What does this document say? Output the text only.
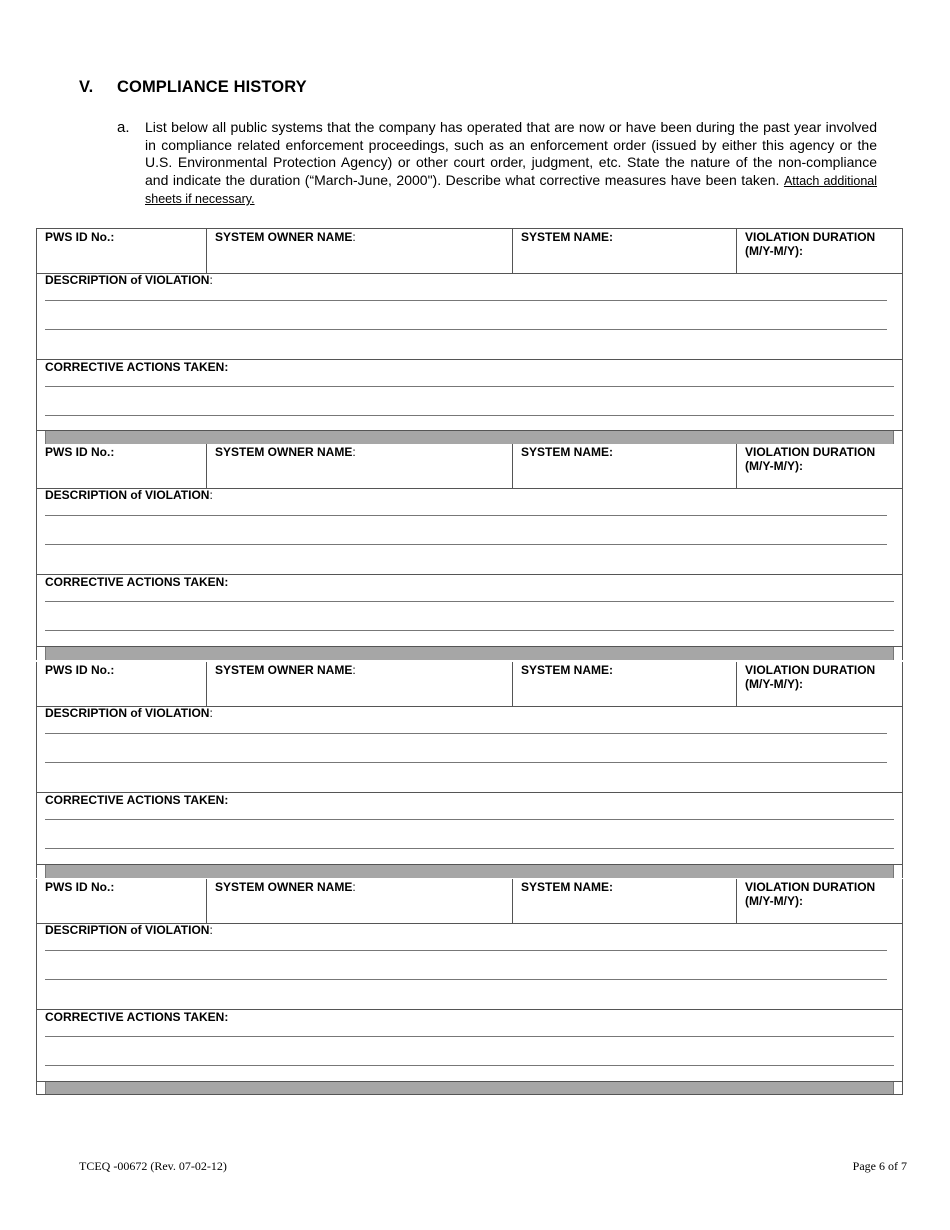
V. COMPLIANCE HISTORY
a. List below all public systems that the company has operated that are now or have been during the past year involved in compliance related enforcement proceedings, such as an enforcement order (issued by either this agency or the U.S. Environmental Protection Agency) or other court order, judgment, etc. State the nature of the non-compliance and indicate the duration (“March-June, 2000"). Describe what corrective measures have been taken. Attach additional sheets if necessary.
PWS ID No.:	SYSTEM OWNER NAME:	SYSTEM NAME:	VIOLATION DURATION (M/Y-M/Y):
DESCRIPTION of VIOLATION:
CORRECTIVE ACTIONS TAKEN:
PWS ID No.:	SYSTEM OWNER NAME:	SYSTEM NAME:	VIOLATION DURATION (M/Y-M/Y):
DESCRIPTION of VIOLATION:
CORRECTIVE ACTIONS TAKEN:
PWS ID No.:	SYSTEM OWNER NAME:	SYSTEM NAME:	VIOLATION DURATION (M/Y-M/Y):
DESCRIPTION of VIOLATION:
CORRECTIVE ACTIONS TAKEN:
PWS ID No.:	SYSTEM OWNER NAME:	SYSTEM NAME:	VIOLATION DURATION (M/Y-M/Y):
DESCRIPTION of VIOLATION:
CORRECTIVE ACTIONS TAKEN:
TCEQ -00672 (Rev. 07-02-12)	Page 6 of 7
